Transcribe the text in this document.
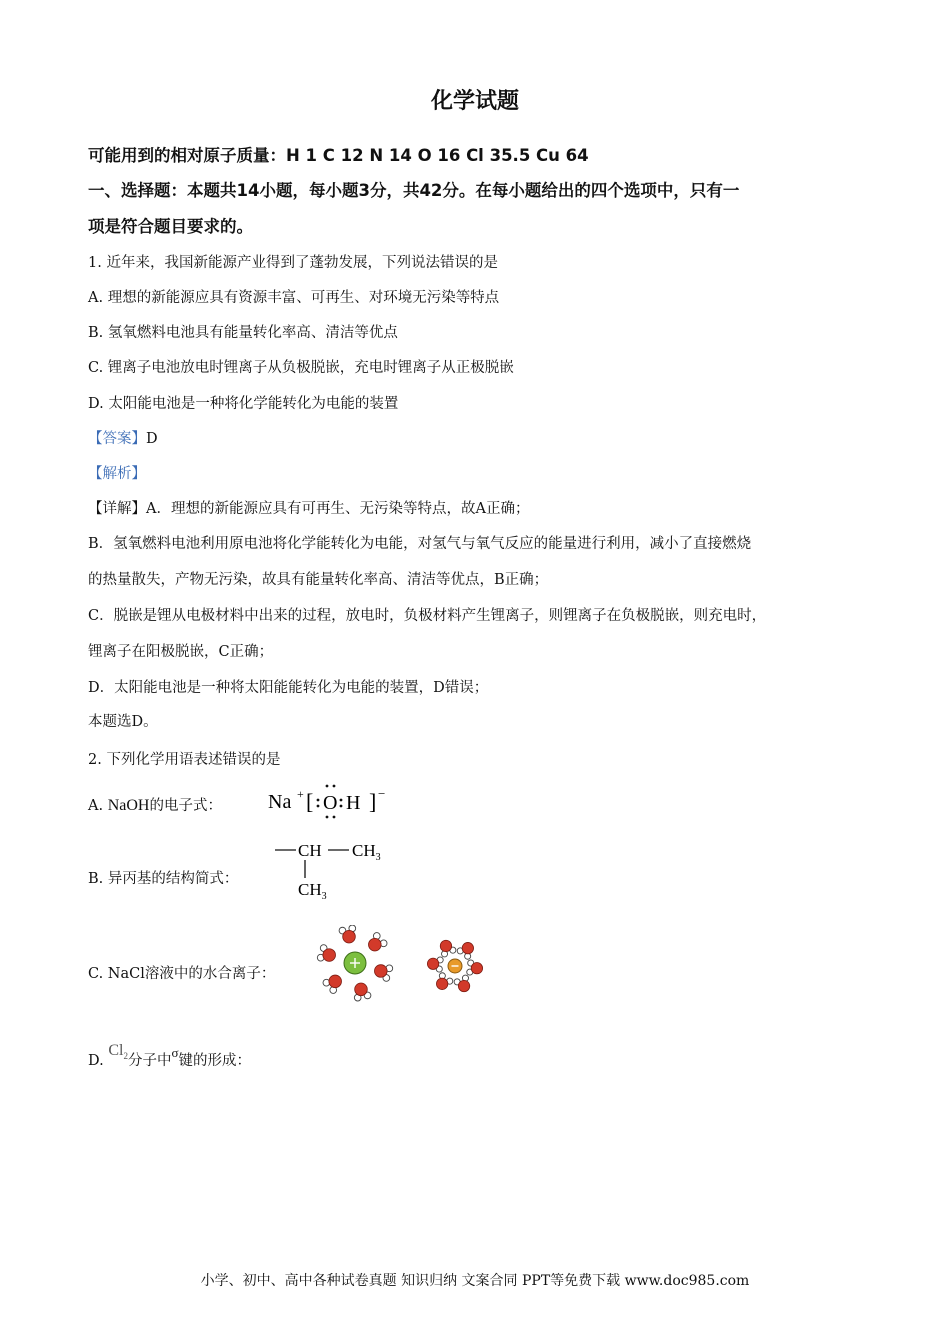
化学试题
可能用到的相对原子质量：H 1 C 12 N 14 O 16 Cl 35.5 Cu 64
一、选择题：本题共14小题，每小题3分，共42分。在每小题给出的四个选项中，只有一
项是符合题目要求的。
1. 近年来，我国新能源产业得到了蓬勃发展，下列说法错误的是
A. 理想的新能源应具有资源丰富、可再生、对环境无污染等特点
B. 氢氧燃料电池具有能量转化率高、清洁等优点
C. 锂离子电池放电时锂离子从负极脱嵌，充电时锂离子从正极脱嵌
D. 太阳能电池是一种将化学能转化为电能的装置
【答案】D
【解析】
【详解】A．理想的新能源应具有可再生、无污染等特点，故A正确；
B．氢氧燃料电池利用原电池将化学能转化为电能，对氢气与氧气反应的能量进行利用，减小了直接燃烧
的热量散失，产物无污染，故具有能量转化率高、清洁等优点，B正确；
C．脱嵌是锂从电极材料中出来的过程，放电时，负极材料产生锂离子，则锂离子在负极脱嵌，则充电时，
锂离子在阳极脱嵌，C正确；
D．太阳能电池是一种将太阳能能转化为电能的装置，D错误；
本题选D。
2. 下列化学用语表述错误的是
A. NaOH的电子式： Na + [ O H ] −
B. 异丙基的结构简式：
CH $CH_3$
$CH_3$
C. NaCl溶液中的水合离子：
D. $Cl_2$分子中σ键的形成：
小学、初中、高中各种试卷真题 知识归纳 文案合同 PPT等免费下载 www.doc985.com
